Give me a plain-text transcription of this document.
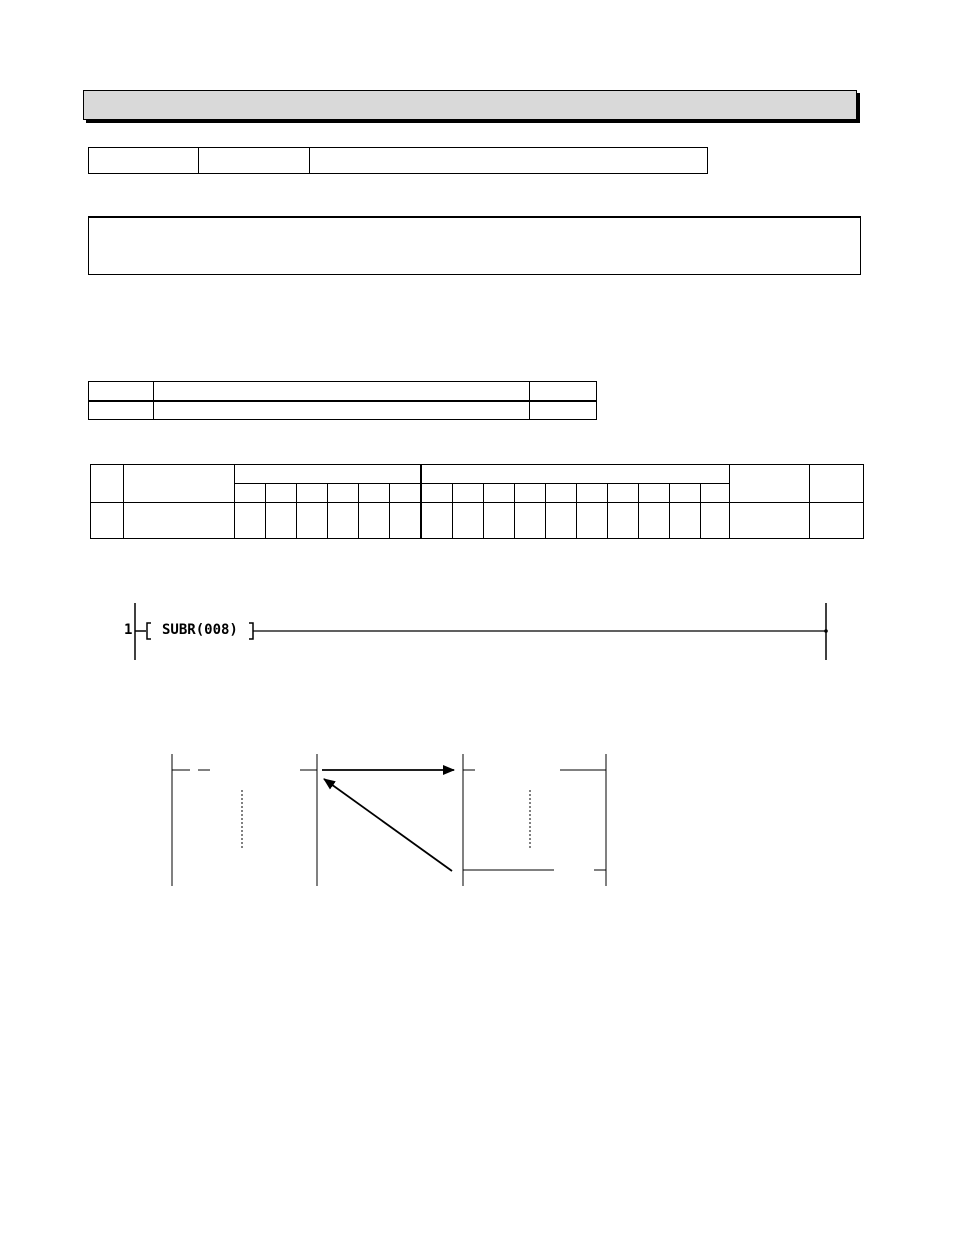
1 SUBR(008)
